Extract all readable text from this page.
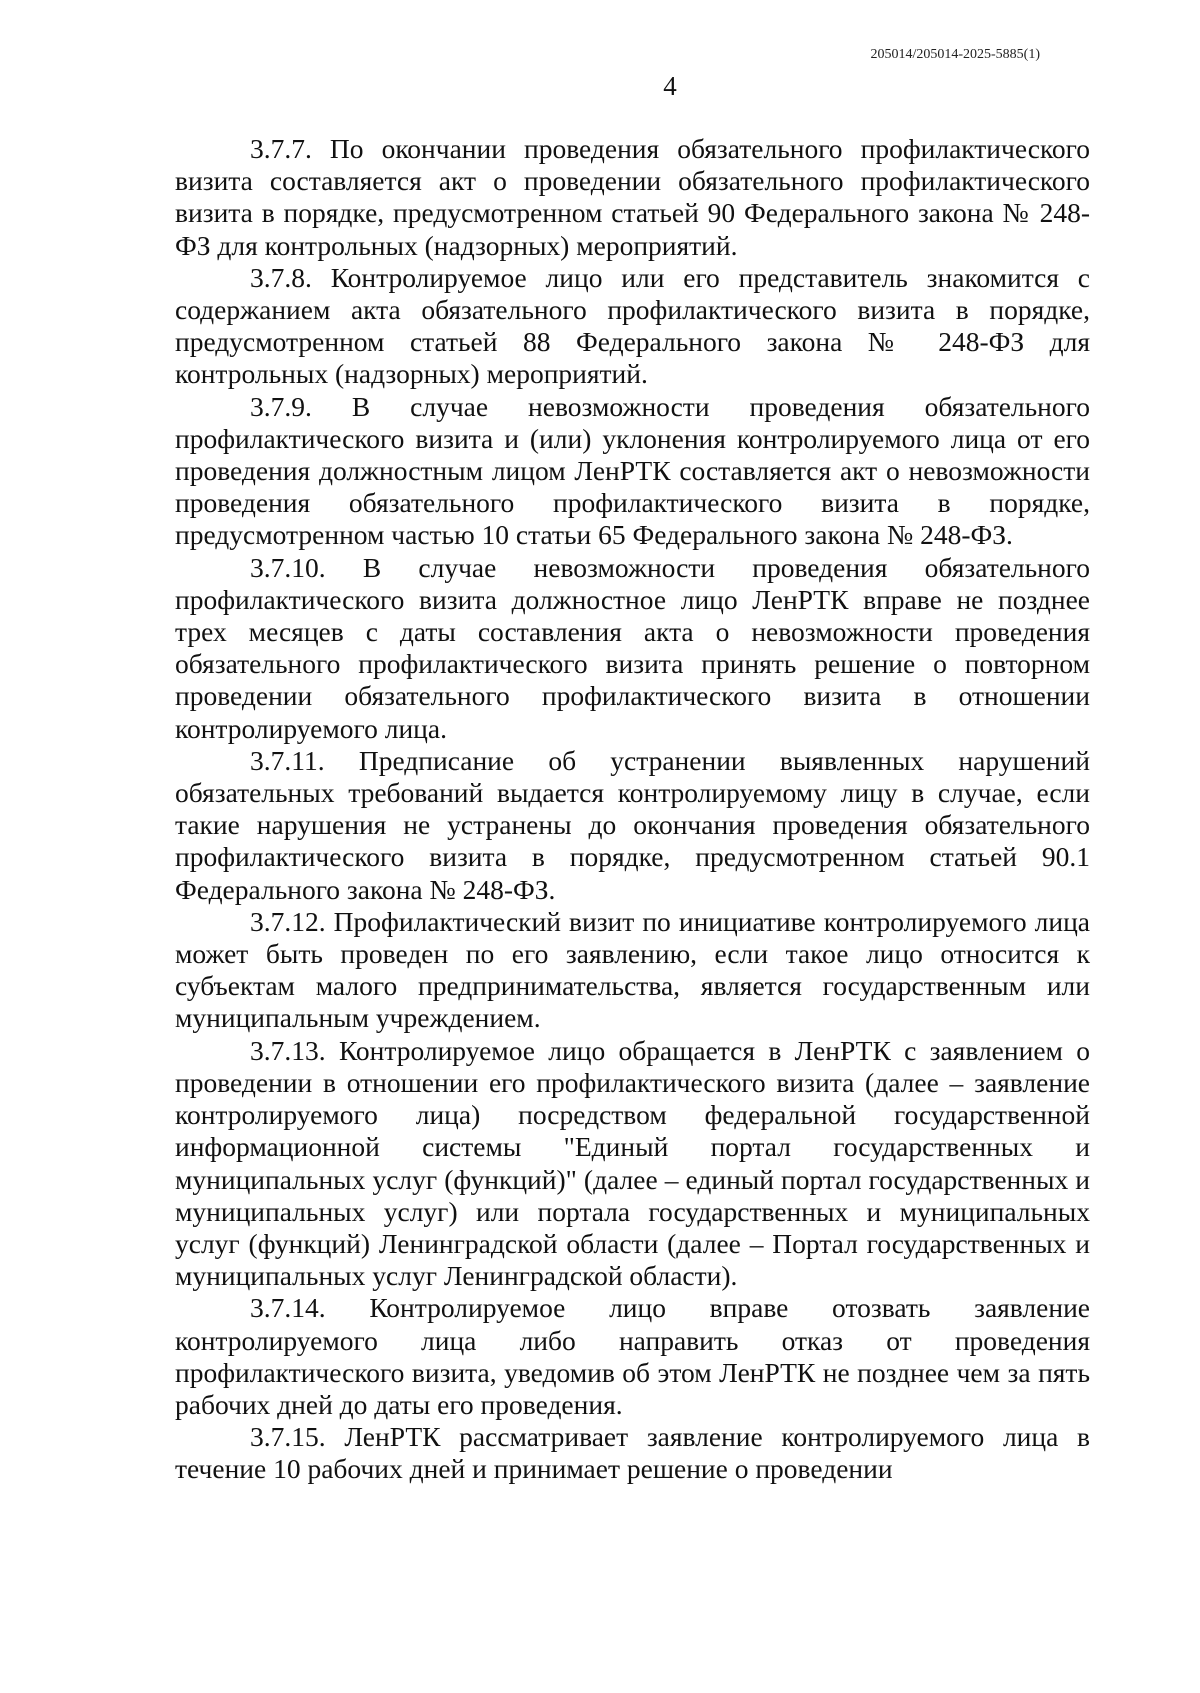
205014/205014-2025-5885(1)
4

3.7.7. По окончании проведения обязательного профилактического визита составляется акт о проведении обязательного профилактического визита в порядке, предусмотренном статьей 90 Федерального закона № 248-ФЗ для контрольных (надзорных) мероприятий.

3.7.8. Контролируемое лицо или его представитель знакомится с содержанием акта обязательного профилактического визита в порядке, предусмотренном статьей 88 Федерального закона № 248-ФЗ для контрольных (надзорных) мероприятий.

3.7.9. В случае невозможности проведения обязательного профилактического визита и (или) уклонения контролируемого лица от его проведения должностным лицом ЛенРТК составляется акт о невозможности проведения обязательного профилактического визита в порядке, предусмотренном частью 10 статьи 65 Федерального закона № 248-ФЗ.

3.7.10. В случае невозможности проведения обязательного профилактического визита должностное лицо ЛенРТК вправе не позднее трех месяцев с даты составления акта о невозможности проведения обязательного профилактического визита принять решение о повторном проведении обязательного профилактического визита в отношении контролируемого лица.

3.7.11. Предписание об устранении выявленных нарушений обязательных требований выдается контролируемому лицу в случае, если такие нарушения не устранены до окончания проведения обязательного профилактического визита в порядке, предусмотренном статьей 90.1 Федерального закона № 248-ФЗ.

3.7.12. Профилактический визит по инициативе контролируемого лица может быть проведен по его заявлению, если такое лицо относится к субъектам малого предпринимательства, является государственным или муниципальным учреждением.

3.7.13. Контролируемое лицо обращается в ЛенРТК с заявлением о проведении в отношении его профилактического визита (далее – заявление контролируемого лица) посредством федеральной государственной информационной системы "Единый портал государственных и муниципальных услуг (функций)" (далее – единый портал государственных и муниципальных услуг) или портала государственных и муниципальных услуг (функций) Ленинградской области (далее – Портал государственных и муниципальных услуг Ленинградской области).

3.7.14. Контролируемое лицо вправе отозвать заявление контролируемого лица либо направить отказ от проведения профилактического визита, уведомив об этом ЛенРТК не позднее чем за пять рабочих дней до даты его проведения.

3.7.15. ЛенРТК рассматривает заявление контролируемого лица в течение 10 рабочих дней и принимает решение о проведении
